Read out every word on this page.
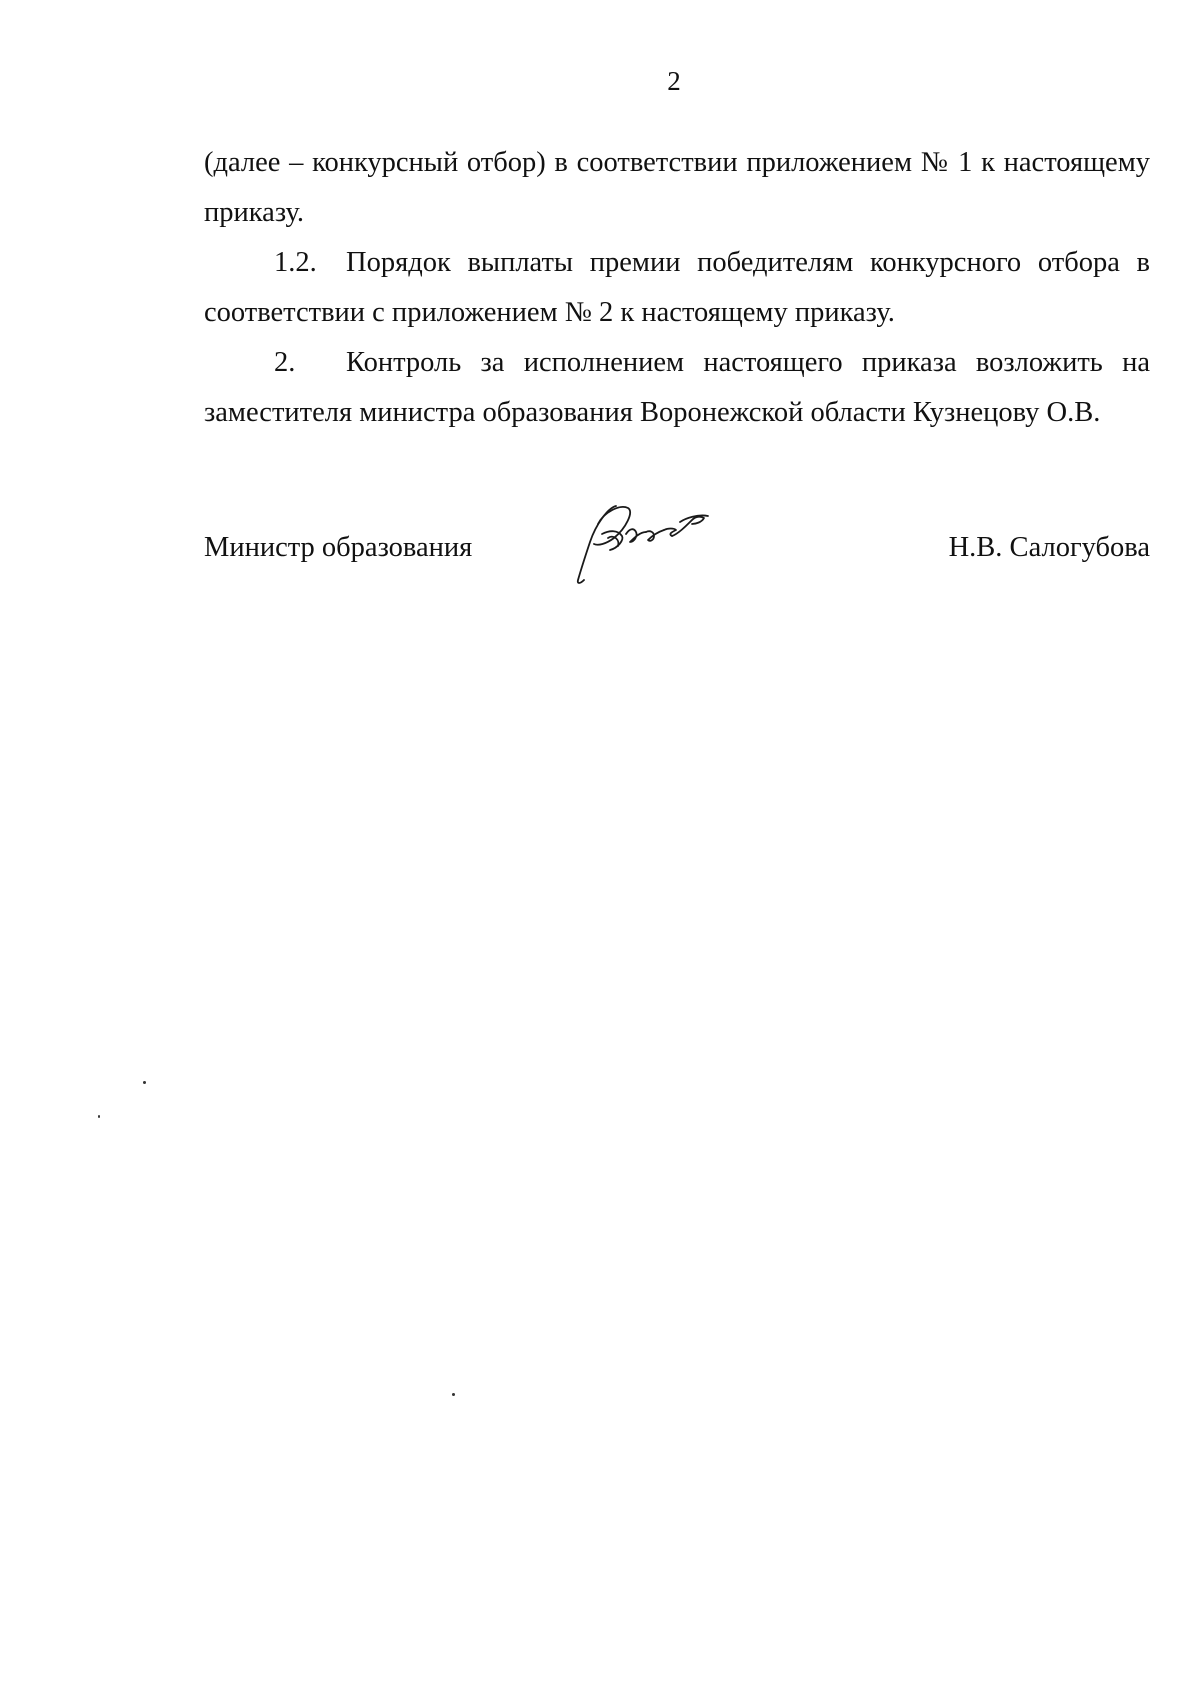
2
(далее – конкурсный отбор) в соответствии приложением № 1 к настоящему
приказу.
1.2.	Порядок выплаты премии победителям конкурсного отбора в
соответствии с приложением № 2 к настоящему приказу.
2.	Контроль за исполнением настоящего приказа возложить на
заместителя министра образования Воронежской области Кузнецову О.В.
Министр образования	Н.В. Салогубова
